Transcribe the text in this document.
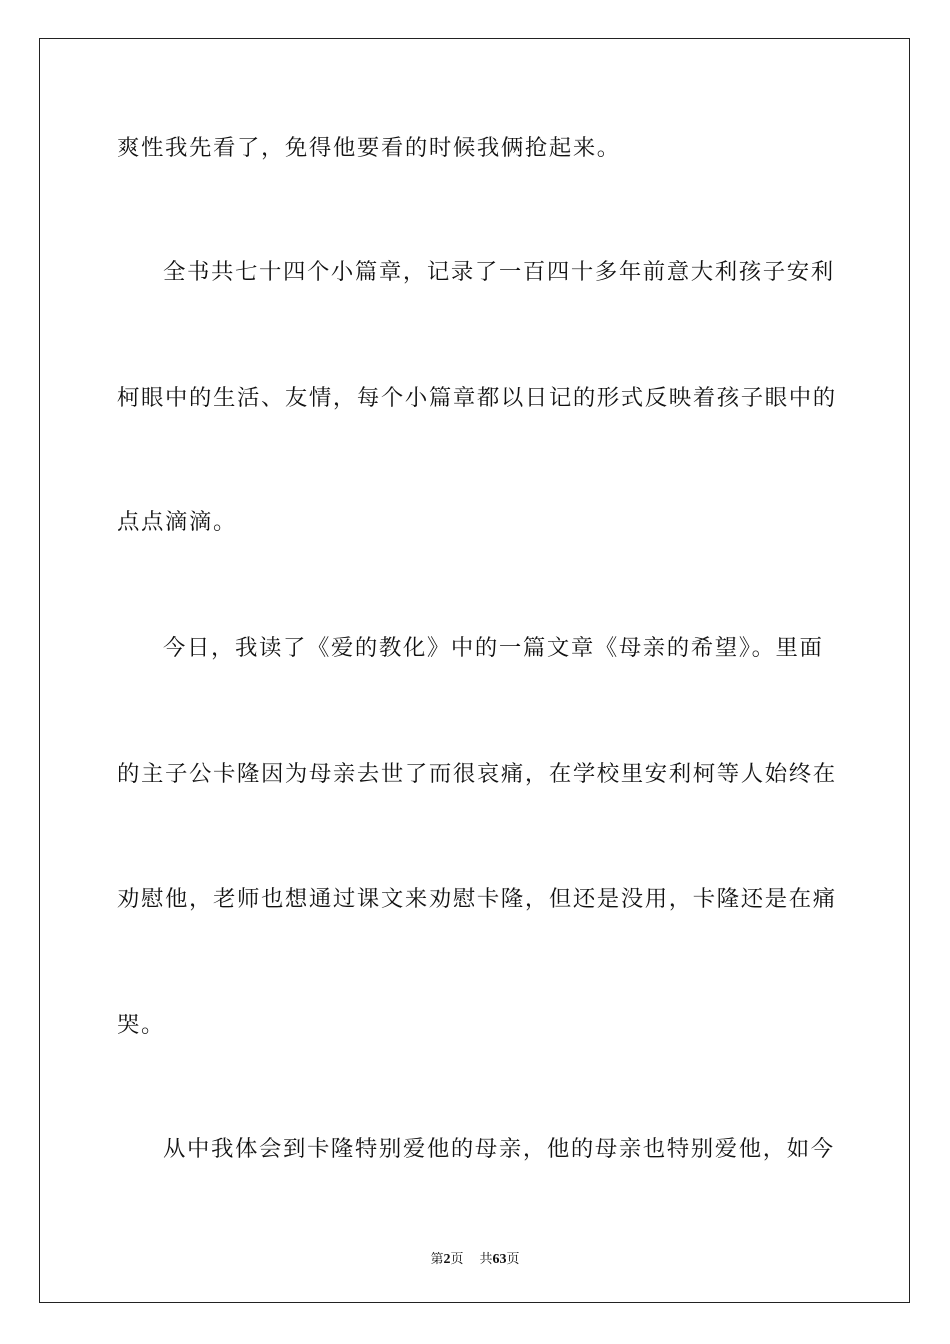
爽性我先看了，免得他要看的时候我俩抢起来。

全书共七十四个小篇章，记录了一百四十多年前意大利孩子安利

柯眼中的生活、友情，每个小篇章都以日记的形式反映着孩子眼中的

点点滴滴。

今日，我读了《爱的教化》中的一篇文章《母亲的希望》。里面

的主子公卡隆因为母亲去世了而很哀痛，在学校里安利柯等人始终在

劝慰他，老师也想通过课文来劝慰卡隆，但还是没用，卡隆还是在痛

哭。

从中我体会到卡隆特别爱他的母亲，他的母亲也特别爱他，如今

第2页 共63页
